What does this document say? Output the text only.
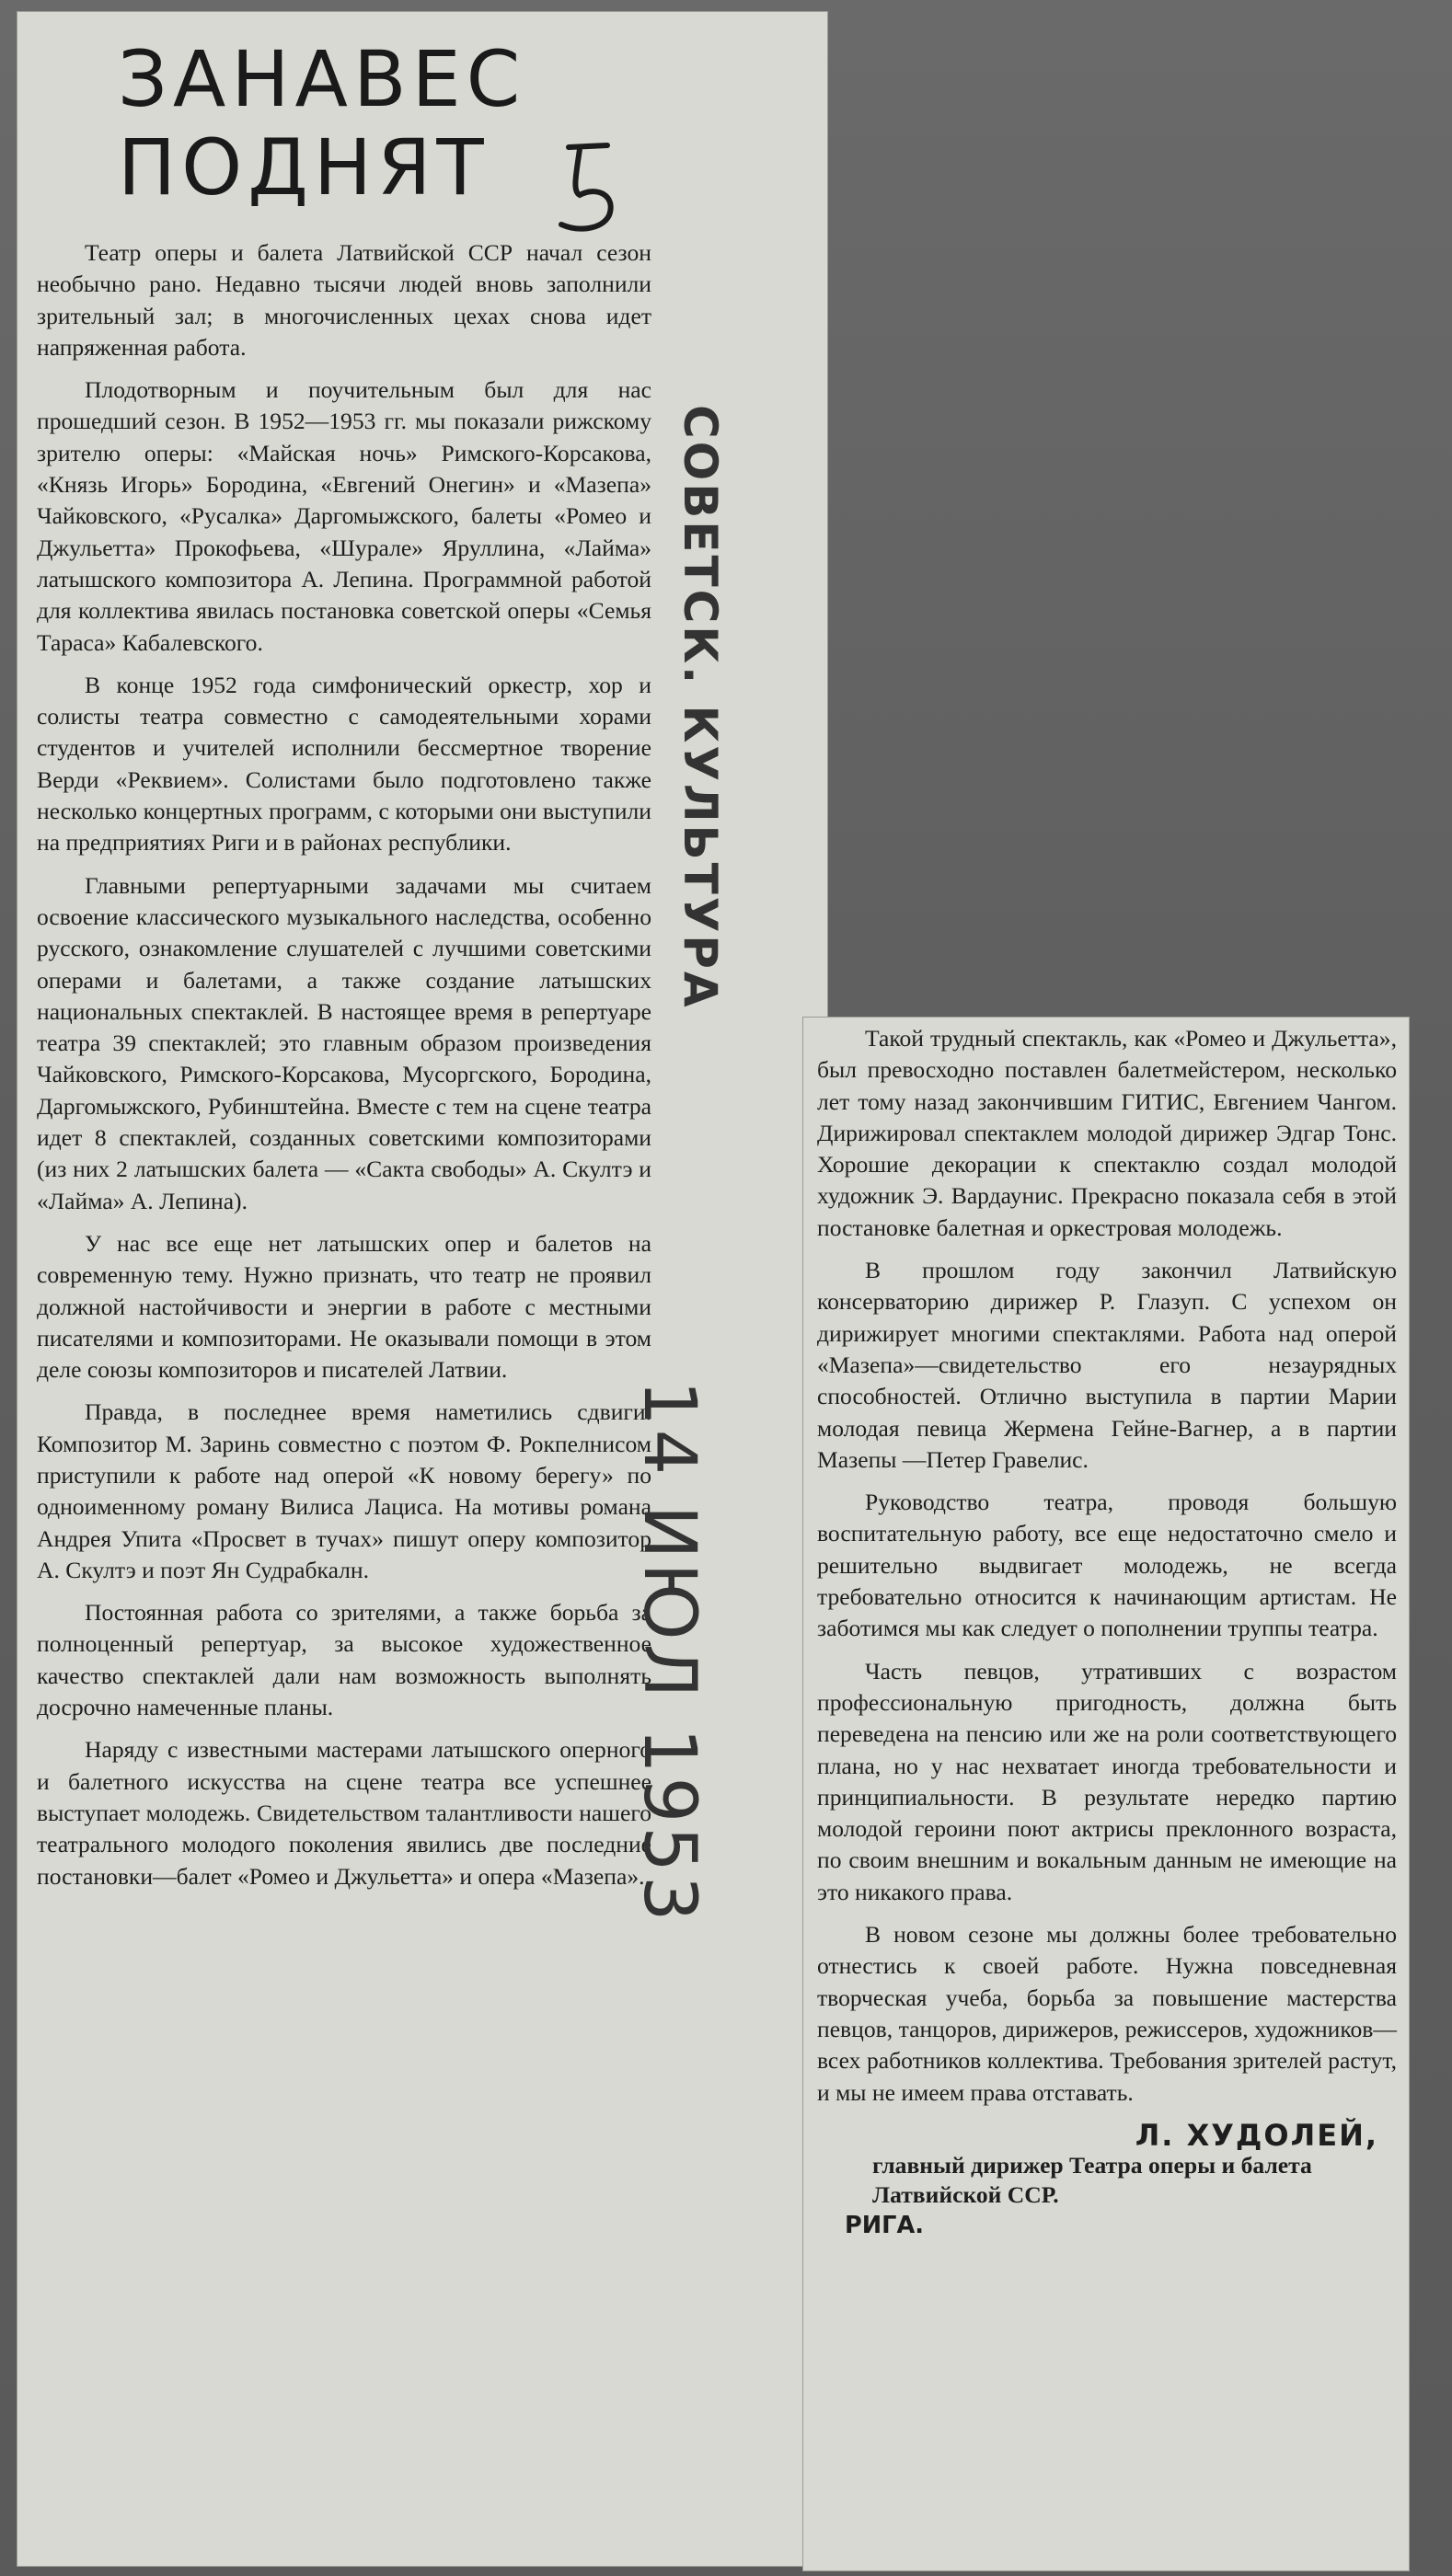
ЗАНАВЕС
ПОДНЯТ

Театр оперы и балета Латвийской ССР начал сезон необычно рано. Недавно тысячи людей вновь заполнили зрительный зал; в многочисленных цехах снова идет напряженная работа.

Плодотворным и поучительным был для нас прошедший сезон. В 1952—1953 гг. мы показали рижскому зрителю оперы: «Майская ночь» Римского-Корсакова, «Князь Игорь» Бородина, «Евгений Онегин» и «Мазепа» Чайковского, «Русалка» Даргомыжского, балеты «Ромео и Джульетта» Прокофьева, «Шурале» Яруллина, «Лайма» латышского композитора А. Лепина. Программной работой для коллектива явилась постановка советской оперы «Семья Тараса» Кабалевского.

В конце 1952 года симфонический оркестр, хор и солисты театра совместно с самодеятельными хорами студентов и учителей исполнили бессмертное творение Верди «Реквием». Солистами было подготовлено также несколько концертных программ, с которыми они выступили на предприятиях Риги и в районах республики.

Главными репертуарными задачами мы считаем освоение классического музыкального наследства, особенно русского, ознакомление слушателей с лучшими советскими операми и балетами, а также создание латышских национальных спектаклей. В настоящее время в репертуаре театра 39 спектаклей; это главным образом произведения Чайковского, Римского-Корсакова, Мусоргского, Бородина, Даргомыжского, Рубинштейна. Вместе с тем на сцене театра идет 8 спектаклей, созданных советскими композиторами (из них 2 латышских балета — «Сакта свободы» А. Скултэ и «Лайма» А. Лепина).

У нас все еще нет латышских опер и балетов на современную тему. Нужно признать, что театр не проявил должной настойчивости и энергии в работе с местными писателями и композиторами. Не оказывали помощи в этом деле союзы композиторов и писателей Латвии.

Правда, в последнее время наметились сдвиги. Композитор М. Заринь совместно с поэтом Ф. Рокпелнисом приступили к работе над оперой «К новому берегу» по одноименному роману Вилиса Лациса. На мотивы романа Андрея Упита «Просвет в тучах» пишут оперу композитор А. Скултэ и поэт Ян Судрабкалн.

Постоянная работа со зрителями, а также борьба за полноценный репертуар, за высокое художественное качество спектаклей дали нам возможность выполнять досрочно намеченные планы.

Наряду с известными мастерами латышского оперного и балетного искусства на сцене театра все успешнее выступает молодежь. Свидетельством талантливости нашего театрального молодого поколения явились две последние постановки—балет «Ромео и Джульетта» и опера «Мазепа».

Такой трудный спектакль, как «Ромео и Джульетта», был превосходно поставлен балетмейстером, несколько лет тому назад закончившим ГИТИС, Евгением Чангом. Дирижировал спектаклем молодой дирижер Эдгар Тонс. Хорошие декорации к спектаклю создал молодой художник Э. Вардаунис. Прекрасно показала себя в этой постановке балетная и оркестровая молодежь.

В прошлом году закончил Латвийскую консерваторию дирижер Р. Глазуп. С успехом он дирижирует многими спектаклями. Работа над оперой «Мазепа»—свидетельство его незаурядных способностей. Отлично выступила в партии Марии молодая певица Жермена Гейне-Вагнер, а в партии Мазепы —Петер Гравелис.

Руководство театра, проводя большую воспитательную работу, все еще недостаточно смело и решительно выдвигает молодежь, не всегда требовательно относится к начинающим артистам. Не заботимся мы как следует о пополнении труппы театра.

Часть певцов, утративших с возрастом профессиональную пригодность, должна быть переведена на пенсию или же на роли соответствующего плана, но у нас нехватает иногда требовательности и принципиальности. В результате нередко партию молодой героини поют актрисы преклонного возраста, по своим внешним и вокальным данным не имеющие на это никакого права.

В новом сезоне мы должны более требовательно отнестись к своей работе. Нужна повседневная творческая учеба, борьба за повышение мастерства певцов, танцоров, дирижеров, режиссеров, художников—всех работников коллектива. Требования зрителей растут, и мы не имеем права отставать.

Л. ХУДОЛЕЙ,
главный дирижер Театра оперы и балета Латвийской ССР.
РИГА.
СОВЕТСК. КУЛЬТУРА
14 ИЮЛ 1953
